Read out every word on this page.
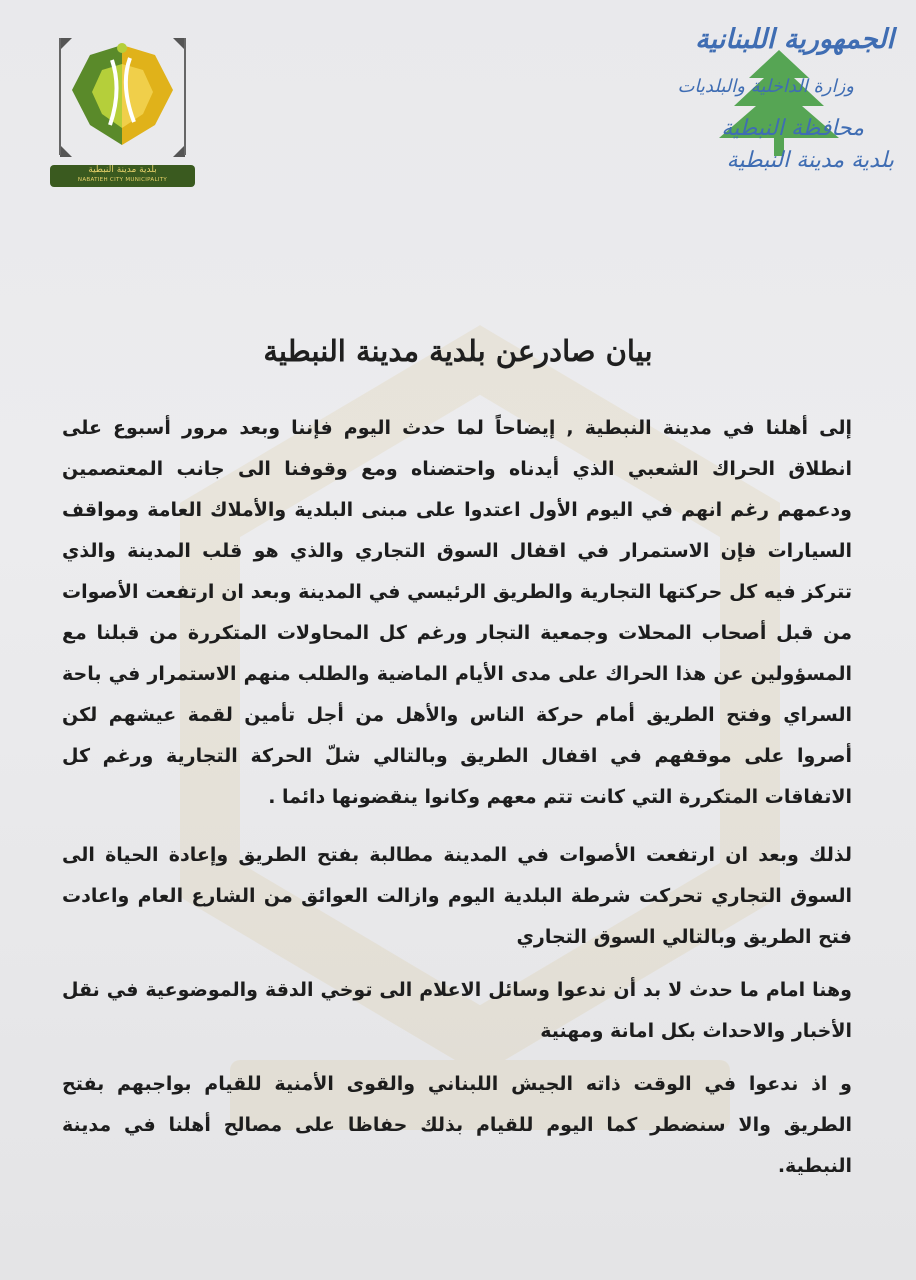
بلدية مدينة النبطية
NABATIEH CITY MUNICIPALITY
الجمهورية اللبنانية
وزارة الداخلية والبلديات
محافظة النبطية
بلدية مدينة النبطية
بيان صادرعن بلدية مدينة النبطية

إلى أهلنا في مدينة النبطية , إيضاحاً لما حدث اليوم فإننا وبعد مرور أسبوع على انطلاق الحراك الشعبي الذي أيدناه واحتضناه ومع وقوفنا الى جانب المعتصمين ودعمهم رغم انهم في اليوم الأول اعتدوا على مبنى البلدية والأملاك العامة ومواقف السيارات فإن الاستمرار في اقفال السوق التجاري والذي هو قلب المدينة والذي تتركز فيه كل حركتها التجارية والطريق الرئيسي في المدينة وبعد ان ارتفعت الأصوات من قبل أصحاب المحلات وجمعية التجار ورغم كل المحاولات المتكررة من قبلنا مع المسؤولين عن هذا الحراك على مدى الأيام الماضية والطلب منهم الاستمرار في باحة السراي وفتح الطريق أمام حركة الناس والأهل من أجل تأمين لقمة عيشهم لكن أصروا على موقفهم في اقفال الطريق وبالتالي شلّ الحركة التجارية ورغم كل الاتفاقات المتكررة التي كانت تتم معهم وكانوا ينقضونها دائما .

لذلك وبعد ان ارتفعت الأصوات في المدينة مطالبة بفتح الطريق وإعادة الحياة الى السوق التجاري تحركت شرطة البلدية اليوم وازالت العوائق من الشارع العام واعادت فتح الطريق وبالتالي السوق التجاري

وهنا امام ما حدث لا بد أن ندعوا وسائل الاعلام الى توخي الدقة والموضوعية في نقل الأخبار والاحداث بكل امانة ومهنية

و اذ ندعوا في الوقت ذاته الجيش اللبناني والقوى الأمنية للقيام بواجبهم بفتح الطريق والا سنضطر كما اليوم للقيام بذلك حفاظا على مصالح أهلنا في مدينة النبطية.
